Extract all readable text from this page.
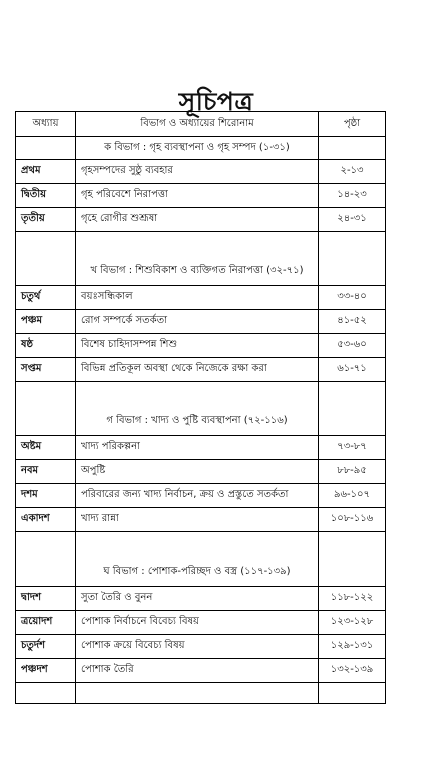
সূচিপত্র
অধ্যায়	বিভাগ ও অধ্যায়ের শিরোনাম	পৃষ্ঠা
	ক বিভাগ : গৃহ ব্যবস্থাপনা ও গৃহ সম্পদ (১-৩১)	
প্রথম	গৃহসম্পদের সুষ্ঠু ব্যবহার	২-১৩
দ্বিতীয়	গৃহ পরিবেশে নিরাপত্তা	১৪-২৩
তৃতীয়	গৃহে রোগীর শুশ্রূষা	২৪-৩১
	খ বিভাগ : শিশুবিকাশ ও ব্যক্তিগত নিরাপত্তা (৩২-৭১)	
চতুর্থ	বয়ঃসন্ধিকাল	৩৩-৪০
পঞ্চম	রোগ সম্পর্কে সতর্কতা	৪১-৫২
ষষ্ঠ	বিশেষ চাহিদাসম্পন্ন শিশু	৫৩-৬০
সপ্তম	বিভিন্ন প্রতিকূল অবস্থা থেকে নিজেকে রক্ষা করা	৬১-৭১
	গ বিভাগ : খাদ্য ও পুষ্টি ব্যবস্থাপনা (৭২-১১৬)	
অষ্টম	খাদ্য পরিকল্পনা	৭৩-৮৭
নবম	অপুষ্টি	৮৮-৯৫
দশম	পরিবারের জন্য খাদ্য নির্বাচন, ক্রয় ও প্রস্তুতে সতর্কতা	৯৬-১০৭
একাদশ	খাদ্য রান্না	১০৮-১১৬
	ঘ বিভাগ : পোশাক-পরিচ্ছদ ও বস্ত্র (১১৭-১৩৯)	
দ্বাদশ	সুতা তৈরি ও বুনন	১১৮-১২২
ত্রয়োদশ	পোশাক নির্বাচনে বিবেচ্য বিষয়	১২৩-১২৮
চতুর্দশ	পোশাক ক্রয়ে বিবেচ্য বিষয়	১২৯-১৩১
পঞ্চদশ	পোশাক তৈরি	১৩২-১৩৯
